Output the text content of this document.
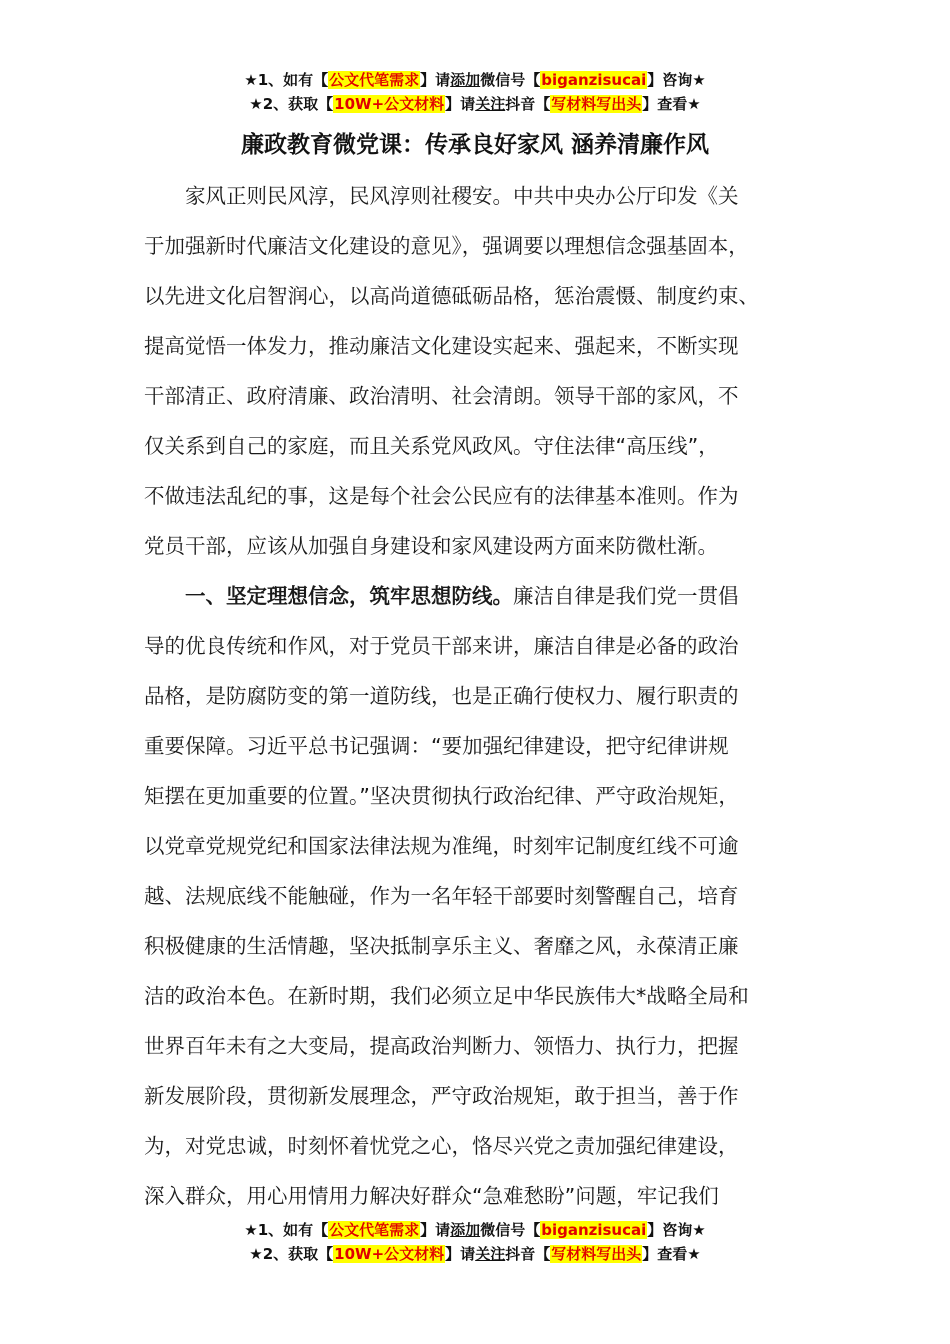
★1、如有【公文代笔需求】请添加微信号【biganzisucai】咨询★
★2、获取【10W+公文材料】请关注抖音【写材料写出头】查看★
廉政教育微党课：传承良好家风 涵养清廉作风
家风正则民风淳，民风淳则社稷安。中共中央办公厅印发《关
于加强新时代廉洁文化建设的意见》，强调要以理想信念强基固本，
以先进文化启智润心，以高尚道德砥砺品格，惩治震慑、制度约束、
提高觉悟一体发力，推动廉洁文化建设实起来、强起来，不断实现
干部清正、政府清廉、政治清明、社会清朗。领导干部的家风，不
仅关系到自己的家庭，而且关系党风政风。守住法律“高压线”，
不做违法乱纪的事，这是每个社会公民应有的法律基本准则。作为
党员干部，应该从加强自身建设和家风建设两方面来防微杜渐。
一、坚定理想信念，筑牢思想防线。廉洁自律是我们党一贯倡
导的优良传统和作风，对于党员干部来讲，廉洁自律是必备的政治
品格，是防腐防变的第一道防线，也是正确行使权力、履行职责的
重要保障。习近平总书记强调：“要加强纪律建设，把守纪律讲规
矩摆在更加重要的位置。”坚决贯彻执行政治纪律、严守政治规矩，
以党章党规党纪和国家法律法规为准绳，时刻牢记制度红线不可逾
越、法规底线不能触碰，作为一名年轻干部要时刻警醒自己，培育
积极健康的生活情趣，坚决抵制享乐主义、奢靡之风，永葆清正廉
洁的政治本色。在新时期，我们必须立足中华民族伟大*战略全局和
世界百年未有之大变局，提高政治判断力、领悟力、执行力，把握
新发展阶段，贯彻新发展理念，严守政治规矩，敢于担当，善于作
为，对党忠诚，时刻怀着忧党之心，恪尽兴党之责加强纪律建设，
深入群众，用心用情用力解决好群众“急难愁盼”问题，牢记我们
★1、如有【公文代笔需求】请添加微信号【biganzisucai】咨询★
★2、获取【10W+公文材料】请关注抖音【写材料写出头】查看★
